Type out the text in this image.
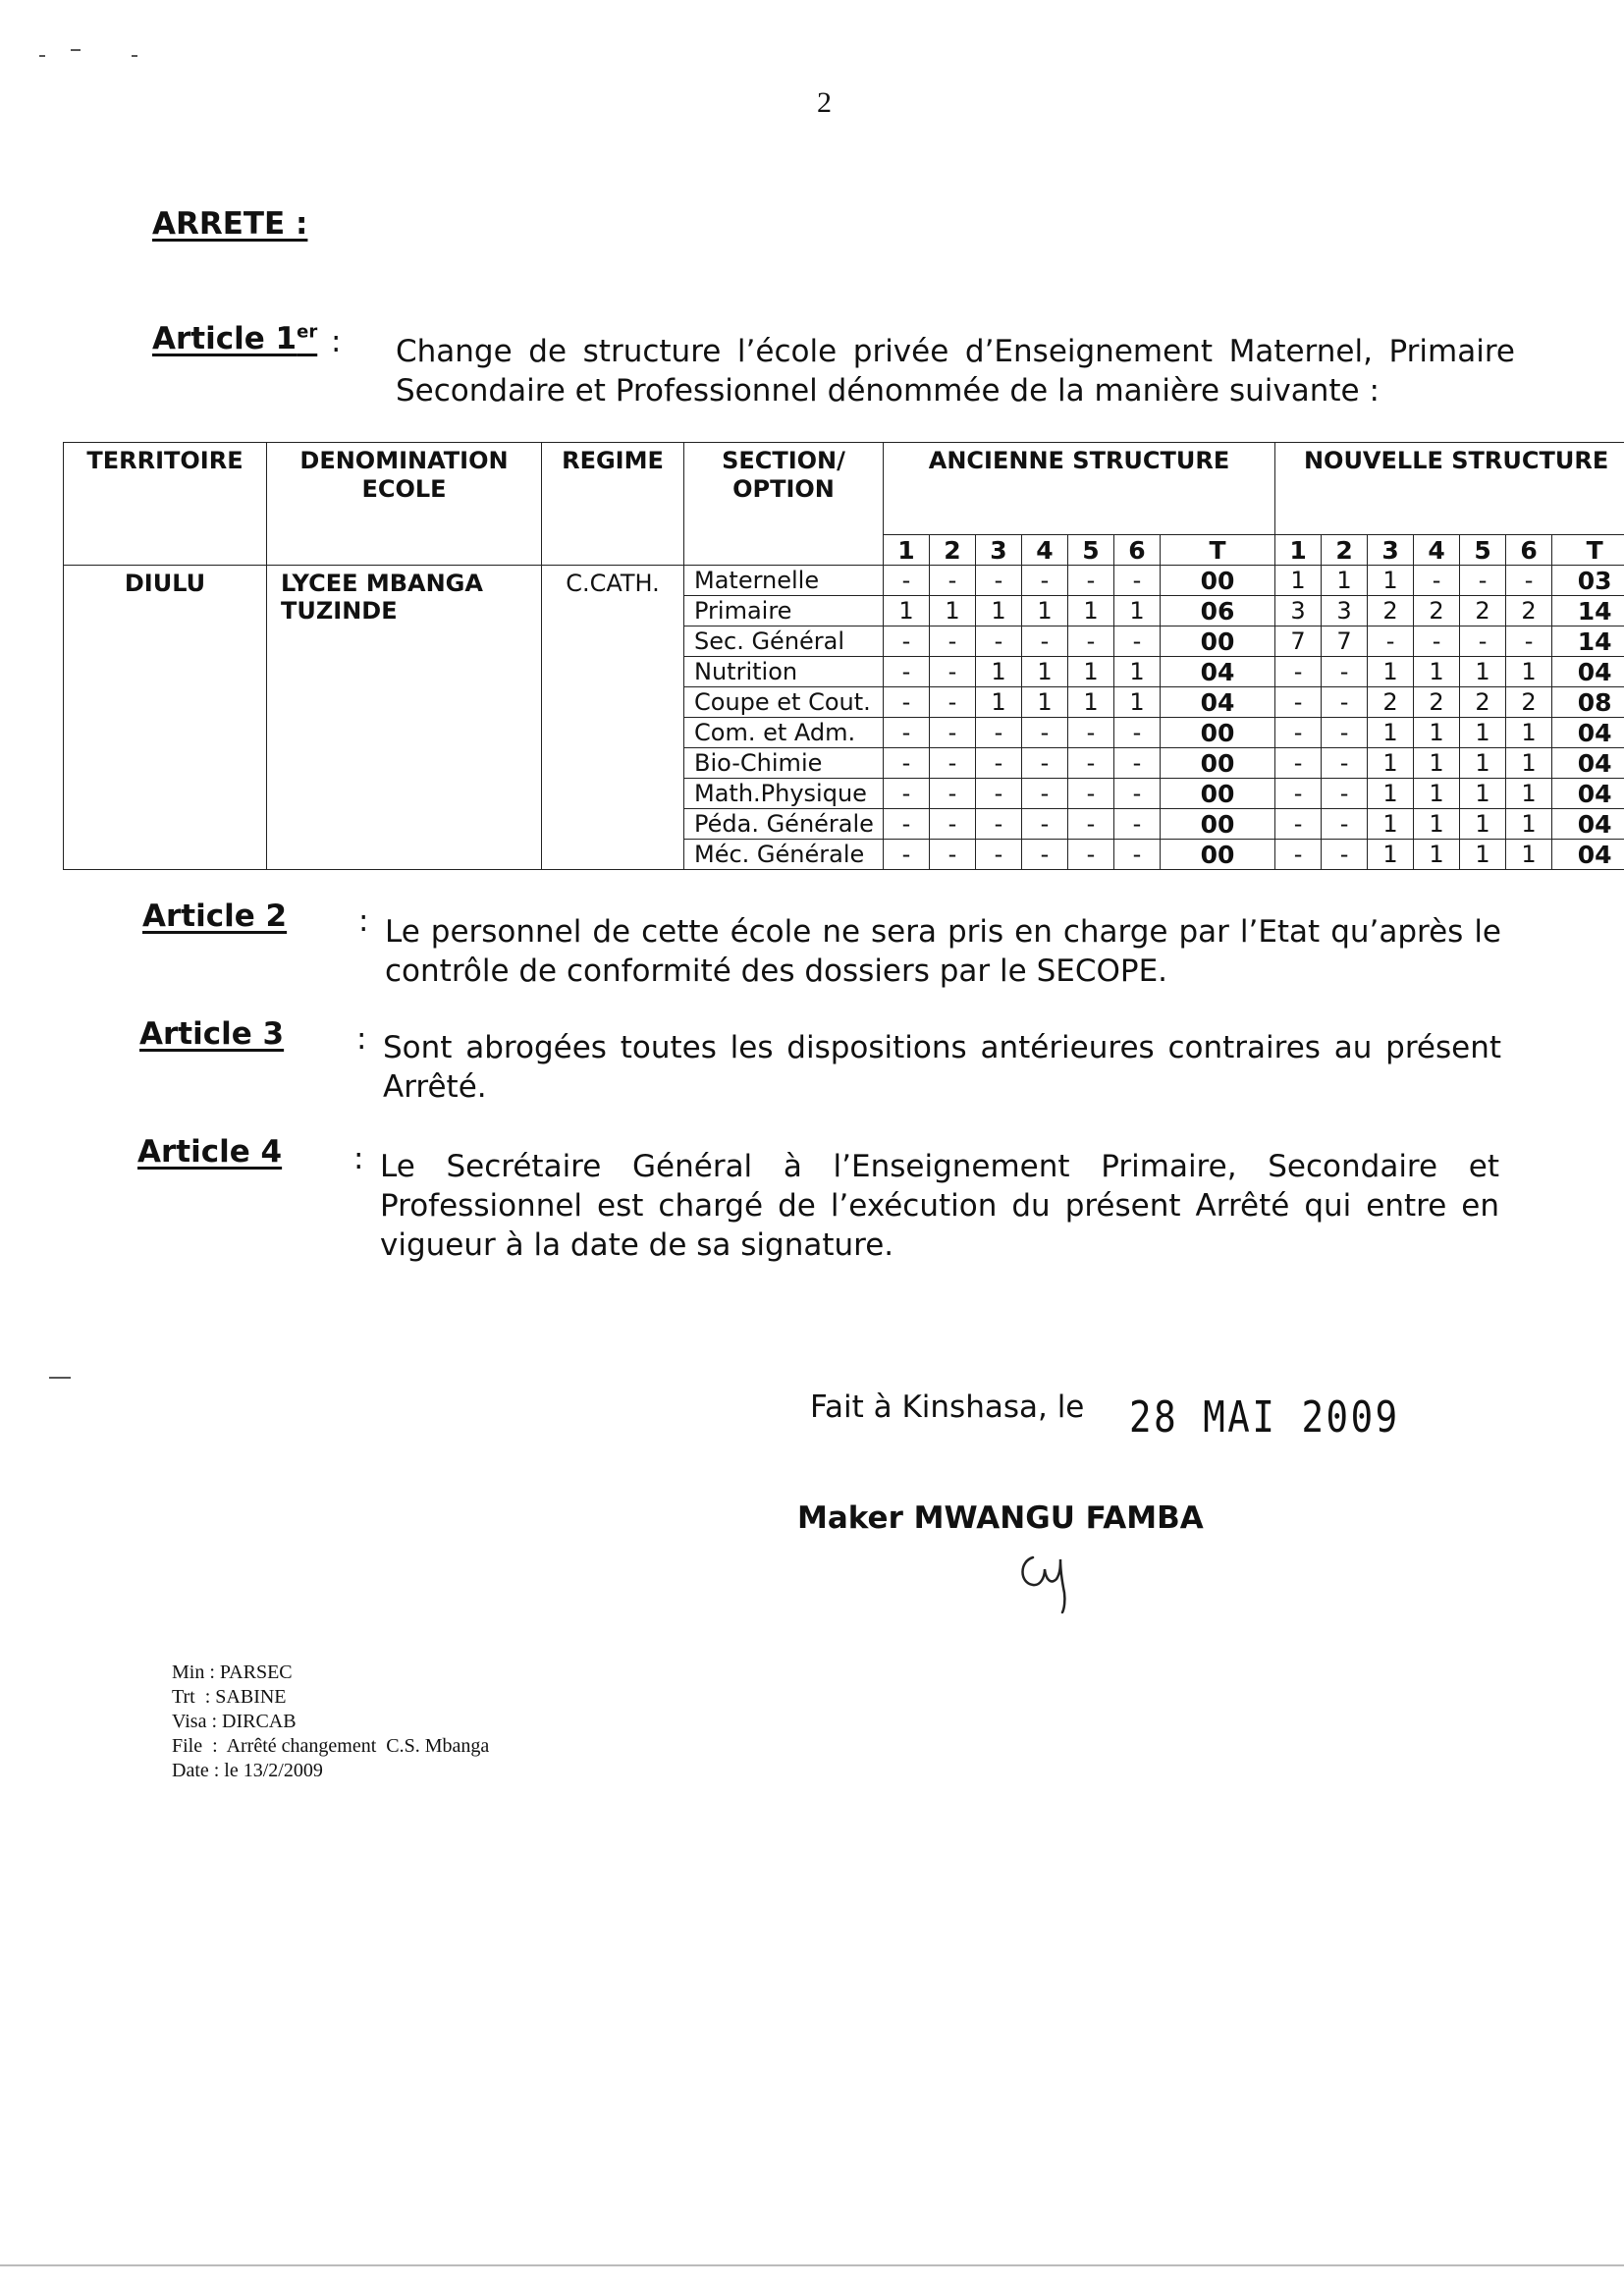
2
ARRETE :
Article 1er : Change de structure l’école privée d’Enseignement Maternel, Primaire
Secondaire et Professionnel dénommée de la manière suivante :
TERRITOIRE	DENOMINATION ECOLE	REGIME	SECTION/ OPTION	ANCIENNE STRUCTURE							NOUVELLE STRUCTURE						
				1	2	3	4	5	6	T	1	2	3	4	5	6	T
DIULU	LYCEE MBANGA TUZINDE	C.CATH.	Maternelle	-	-	-	-	-	-	00	1	1	1	-	-	-	03
			Primaire	1	1	1	1	1	1	06	3	3	2	2	2	2	14
			Sec. Général	-	-	-	-	-	-	00	7	7	-	-	-	-	14
			Nutrition	-	-	1	1	1	1	04	-	-	1	1	1	1	04
			Coupe et Cout.	-	-	1	1	1	1	04	-	-	2	2	2	2	08
			Com. et Adm.	-	-	-	-	-	-	00	-	-	1	1	1	1	04
			Bio-Chimie	-	-	-	-	-	-	00	-	-	1	1	1	1	04
			Math.Physique	-	-	-	-	-	-	00	-	-	1	1	1	1	04
			Péda. Générale	-	-	-	-	-	-	00	-	-	1	1	1	1	04
			Méc. Générale	-	-	-	-	-	-	00	-	-	1	1	1	1	04
Article 2 : Le personnel de cette école ne sera pris en charge par l’Etat qu’après le
contrôle de conformité des dossiers par le SECOPE.
Article 3 : Sont abrogées toutes les dispositions antérieures contraires au présent
Arrêté.
Article 4 : Le Secrétaire Général à l’Enseignement Primaire, Secondaire et
Professionnel est chargé de l’exécution du présent Arrêté qui entre en
vigueur à la date de sa signature.
Fait à Kinshasa, le 28 MAI 2009
Maker MWANGU FAMBA
Min : PARSEC
Trt  : SABINE
Visa : DIRCAB
File  :  Arrêté changement  C.S. Mbanga
Date : le 13/2/2009
